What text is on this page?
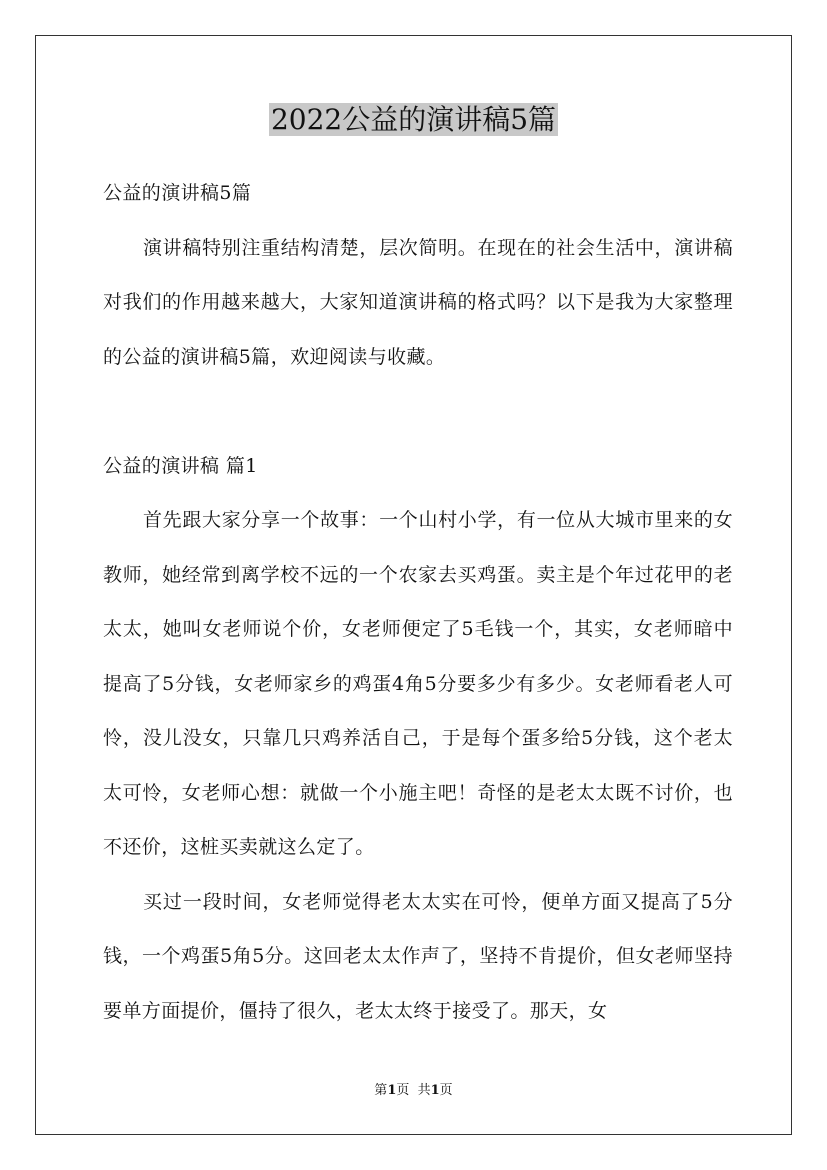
2022公益的演讲稿5篇

公益的演讲稿5篇

演讲稿特别注重结构清楚，层次简明。在现在的社会生活中，演讲稿对我们的作用越来越大，大家知道演讲稿的格式吗？以下是我为大家整理的公益的演讲稿5篇，欢迎阅读与收藏。

公益的演讲稿 篇1

首先跟大家分享一个故事：一个山村小学，有一位从大城市里来的女教师，她经常到离学校不远的一个农家去买鸡蛋。卖主是个年过花甲的老太太，她叫女老师说个价，女老师便定了5毛钱一个，其实，女老师暗中提高了5分钱，女老师家乡的鸡蛋4角5分要多少有多少。女老师看老人可怜，没儿没女，只靠几只鸡养活自己，于是每个蛋多给5分钱，这个老太太可怜，女老师心想：就做一个小施主吧！奇怪的是老太太既不讨价，也不还价，这桩买卖就这么定了。

买过一段时间，女老师觉得老太太实在可怜，便单方面又提高了5分钱，一个鸡蛋5角5分。这回老太太作声了，坚持不肯提价，但女老师坚持要单方面提价，僵持了很久，老太太终于接受了。那天，女

第1页  共1页
